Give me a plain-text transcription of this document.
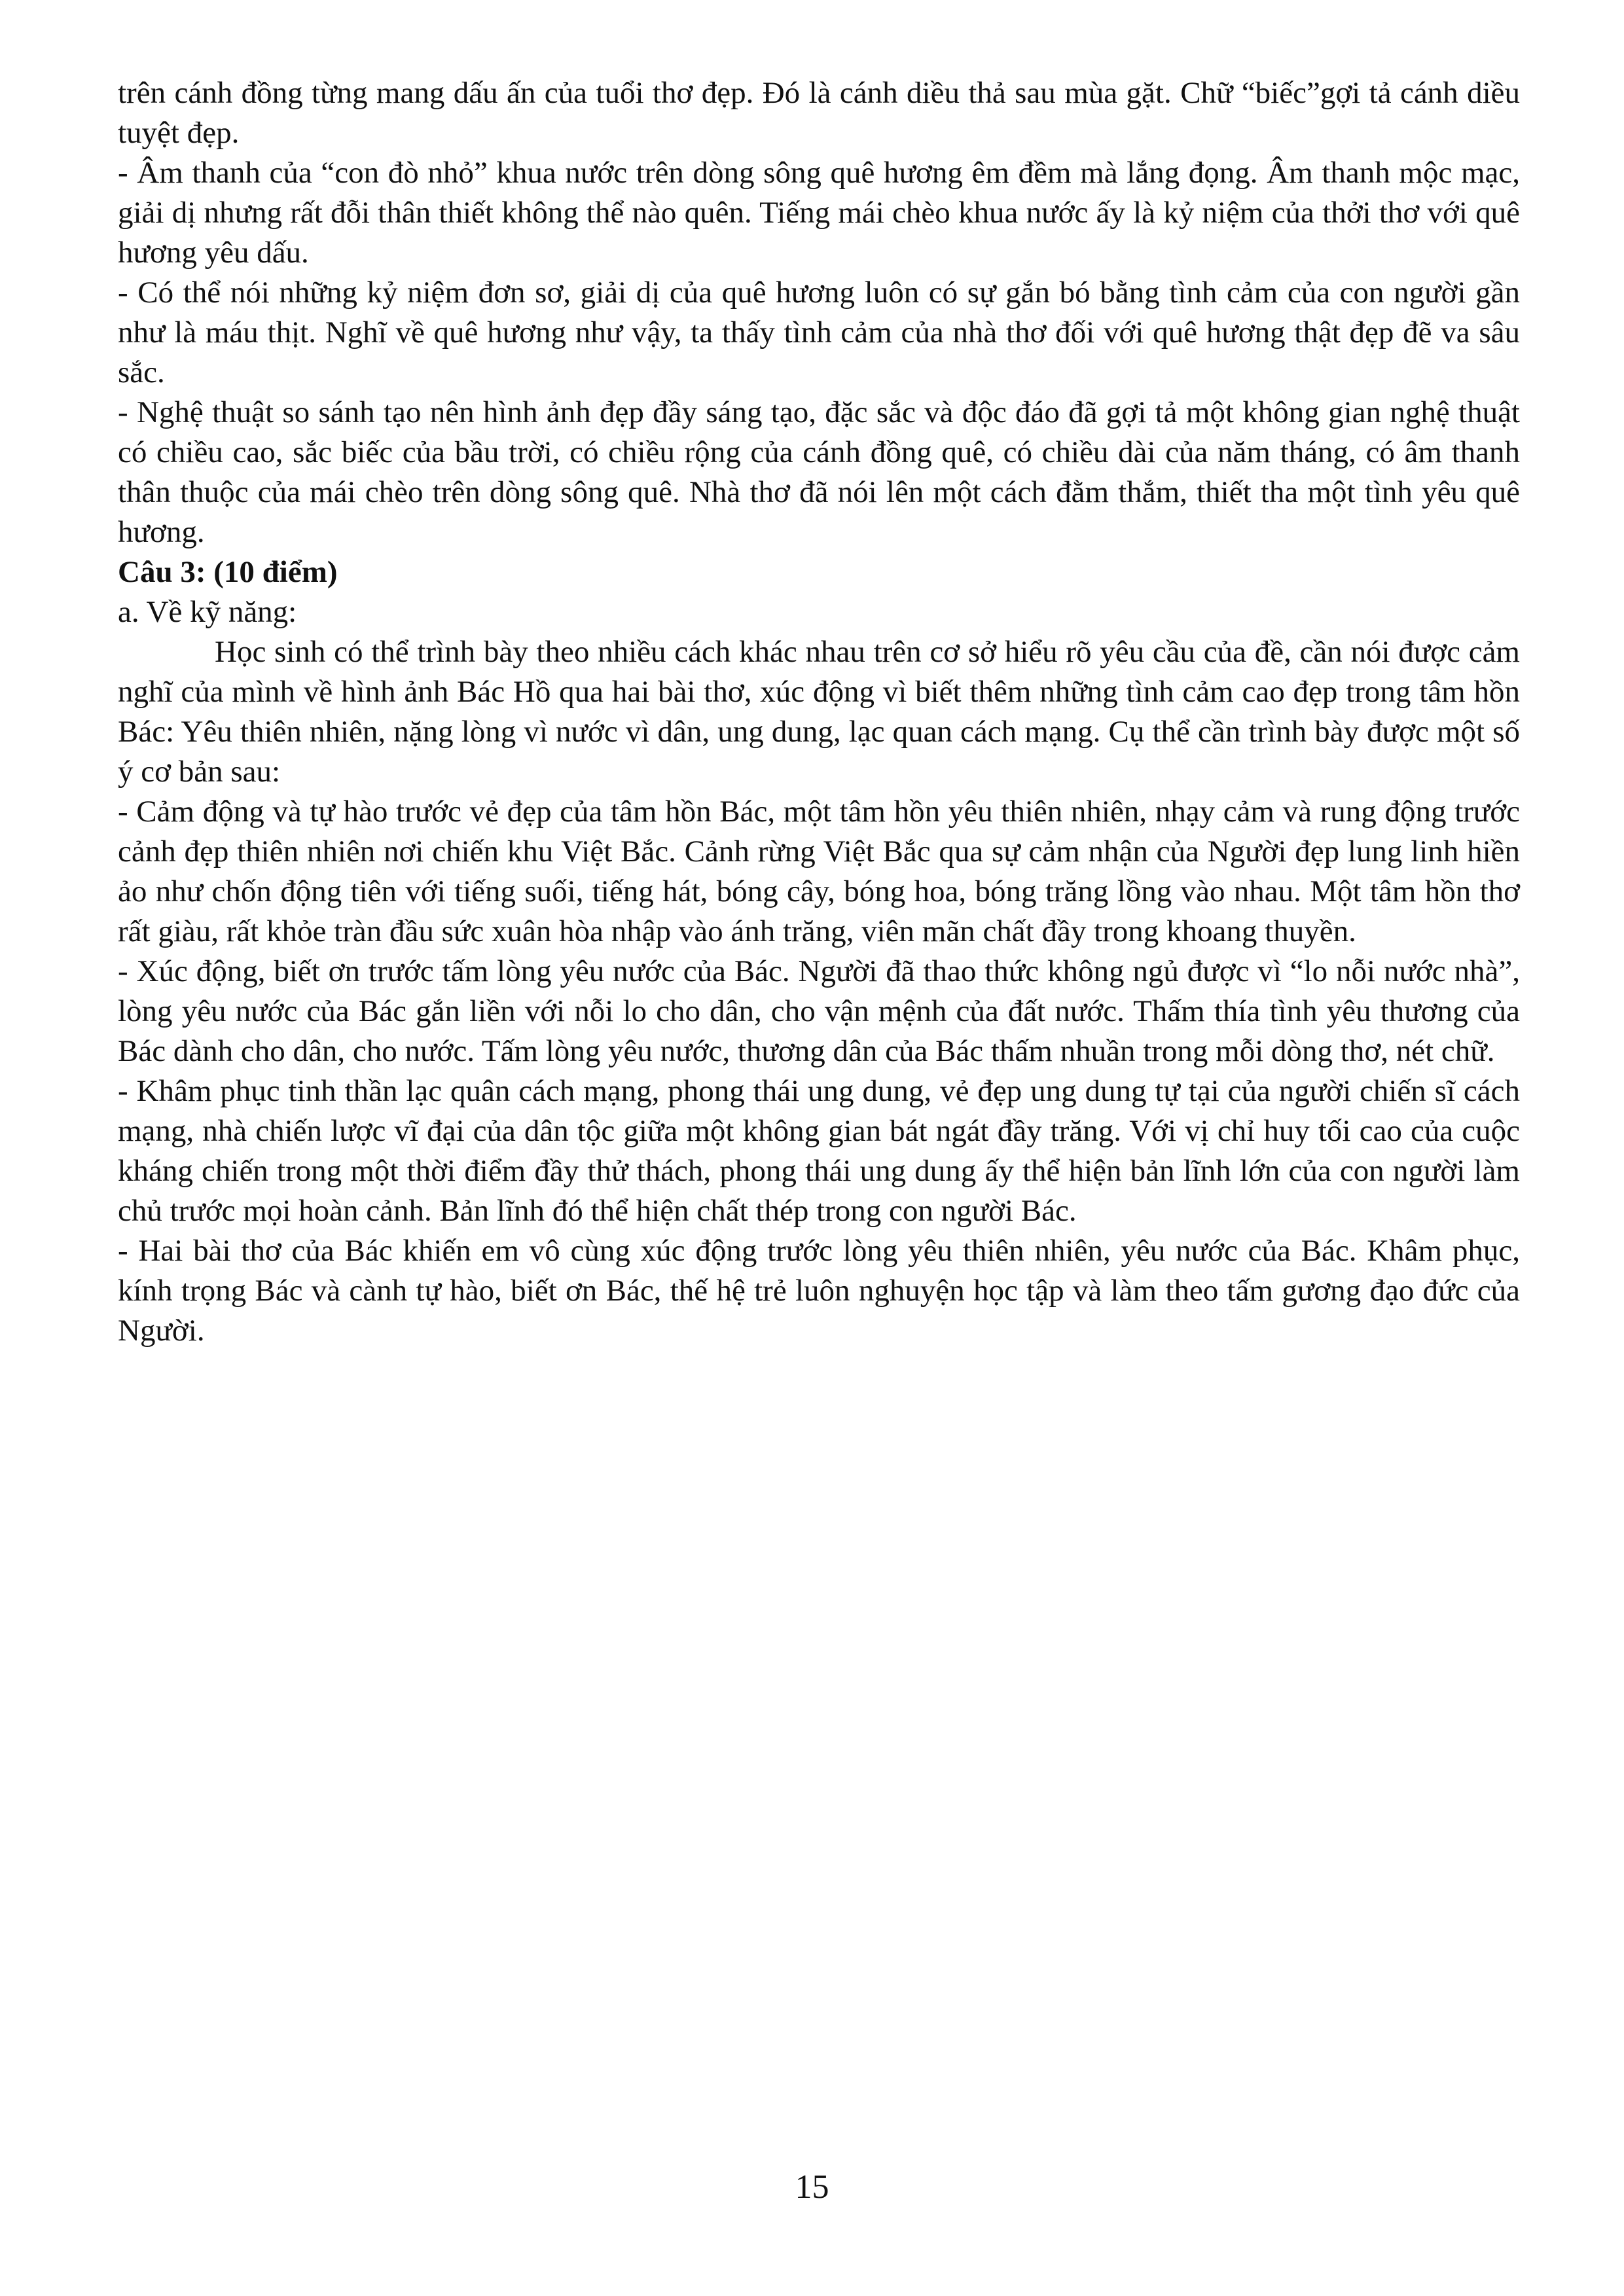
trên cánh đồng từng mang dấu ấn của tuổi thơ đẹp. Đó là cánh diều thả sau mùa gặt. Chữ “biếc”gợi tả cánh diều tuyệt đẹp.

- Âm thanh của “con đò nhỏ” khua nước trên dòng sông quê hương êm đềm mà lắng đọng. Âm thanh mộc mạc, giải dị nhưng rất đỗi thân thiết không thể nào quên. Tiếng mái chèo khua nước ấy là kỷ niệm của thởi thơ với quê hương yêu dấu.

- Có thể nói những kỷ niệm đơn sơ, giải dị của quê hương luôn có sự gắn bó bằng tình cảm của con người gần như là máu thịt. Nghĩ về quê hương như vậy, ta thấy tình cảm của nhà thơ đối với quê hương thật đẹp đẽ va sâu sắc.

- Nghệ thuật so sánh tạo nên hình ảnh đẹp đầy sáng tạo, đặc sắc và độc đáo đã gợi tả một không gian nghệ thuật có chiều cao, sắc biếc của bầu trời, có chiều rộng của cánh đồng quê, có chiều dài của năm tháng, có âm thanh thân thuộc của mái chèo trên dòng sông quê. Nhà thơ đã nói lên một cách đằm thắm, thiết tha một tình yêu quê hương.

Câu 3: (10 điểm)

a. Về kỹ năng:

Học sinh có thể trình bày theo nhiều cách khác nhau trên cơ sở hiểu rõ yêu cầu của đề, cần nói được cảm nghĩ của mình về hình ảnh Bác Hồ qua hai bài thơ, xúc động vì biết thêm những tình cảm cao đẹp trong tâm hồn Bác: Yêu thiên nhiên, nặng lòng vì nước vì dân, ung dung, lạc quan cách mạng. Cụ thể cần trình bày được một số ý cơ bản sau:

- Cảm động và tự hào trước vẻ đẹp của tâm hồn Bác, một tâm hồn yêu thiên nhiên, nhạy cảm và rung động trước cảnh đẹp thiên nhiên nơi chiến khu Việt Bắc. Cảnh rừng Việt Bắc qua sự cảm nhận của Người đẹp lung linh hiền ảo như chốn động tiên với tiếng suối, tiếng hát, bóng cây, bóng hoa, bóng trăng lồng vào nhau. Một tâm hồn thơ rất giàu, rất khỏe tràn đầu sức xuân hòa nhập vào ánh trăng, viên mãn chất đầy trong khoang thuyền.

- Xúc động, biết ơn trước tấm lòng yêu nước của Bác. Người đã thao thức không ngủ được vì “lo nỗi nước nhà”, lòng yêu nước của Bác gắn liền với nỗi lo cho dân, cho vận mệnh của đất nước. Thấm thía tình yêu thương của Bác dành cho dân, cho nước. Tấm lòng yêu nước, thương dân của Bác thấm nhuần trong mỗi dòng thơ, nét chữ.

- Khâm phục tinh thần lạc quân cách mạng, phong thái ung dung, vẻ đẹp ung dung tự tại của người chiến sĩ cách mạng, nhà chiến lược vĩ đại của dân tộc giữa một không gian bát ngát đầy trăng. Với vị chỉ huy tối cao của cuộc kháng chiến trong một thời điểm đầy thử thách, phong thái ung dung ấy thể hiện bản lĩnh lớn của con người làm chủ trước mọi hoàn cảnh. Bản lĩnh đó thể hiện chất thép trong con người Bác.

- Hai bài thơ của Bác khiến em vô cùng xúc động trước lòng yêu thiên nhiên, yêu nước của Bác. Khâm phục, kính trọng Bác và cành tự hào, biết ơn Bác, thế hệ trẻ luôn nghuyện học tập và làm theo tấm gương đạo đức của Người.

15
